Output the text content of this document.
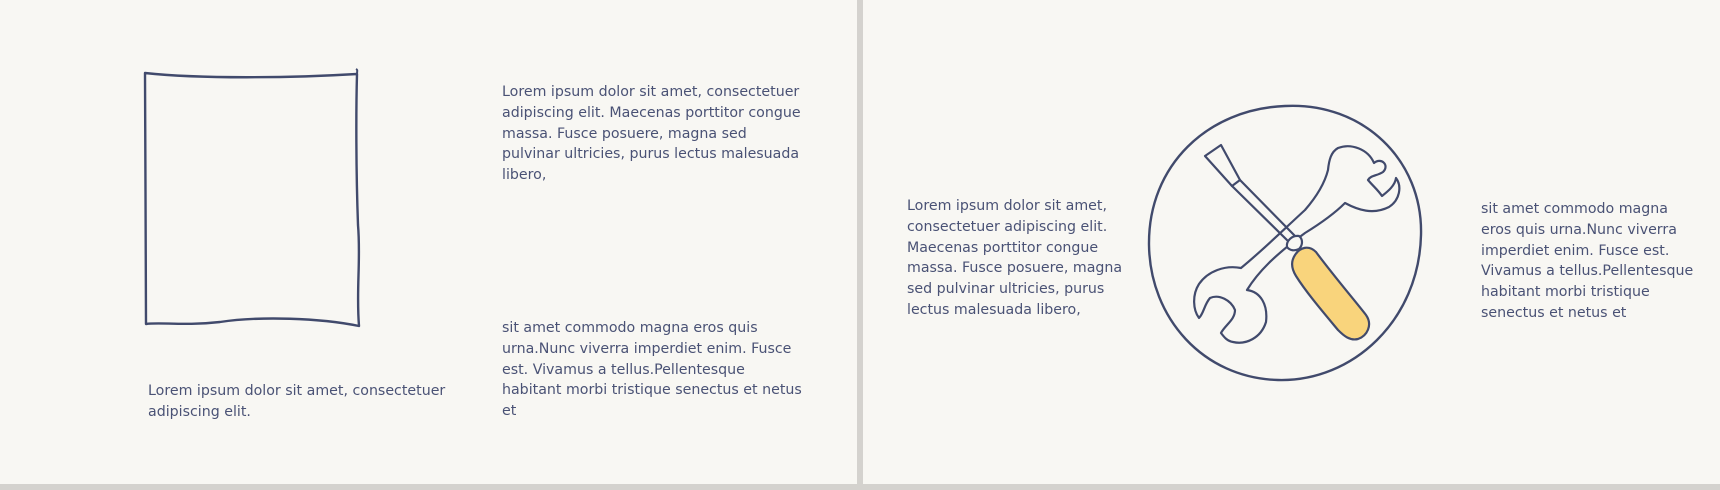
Lorem ipsum dolor sit amet, consectetuer
adipiscing elit. Maecenas porttitor congue
massa. Fusce posuere, magna sed
pulvinar ultricies, purus lectus malesuada
libero,

sit amet commodo magna eros quis
urna.Nunc viverra imperdiet enim. Fusce
est. Vivamus a tellus.Pellentesque
habitant morbi tristique senectus et netus
et

Lorem ipsum dolor sit amet, consectetuer
adipiscing elit.

Lorem ipsum dolor sit amet,
consectetuer adipiscing elit.
Maecenas porttitor congue
massa. Fusce posuere, magna
sed pulvinar ultricies, purus
lectus malesuada libero,

sit amet commodo magna
eros quis urna.Nunc viverra
imperdiet enim. Fusce est.
Vivamus a tellus.Pellentesque
habitant morbi tristique
senectus et netus et
